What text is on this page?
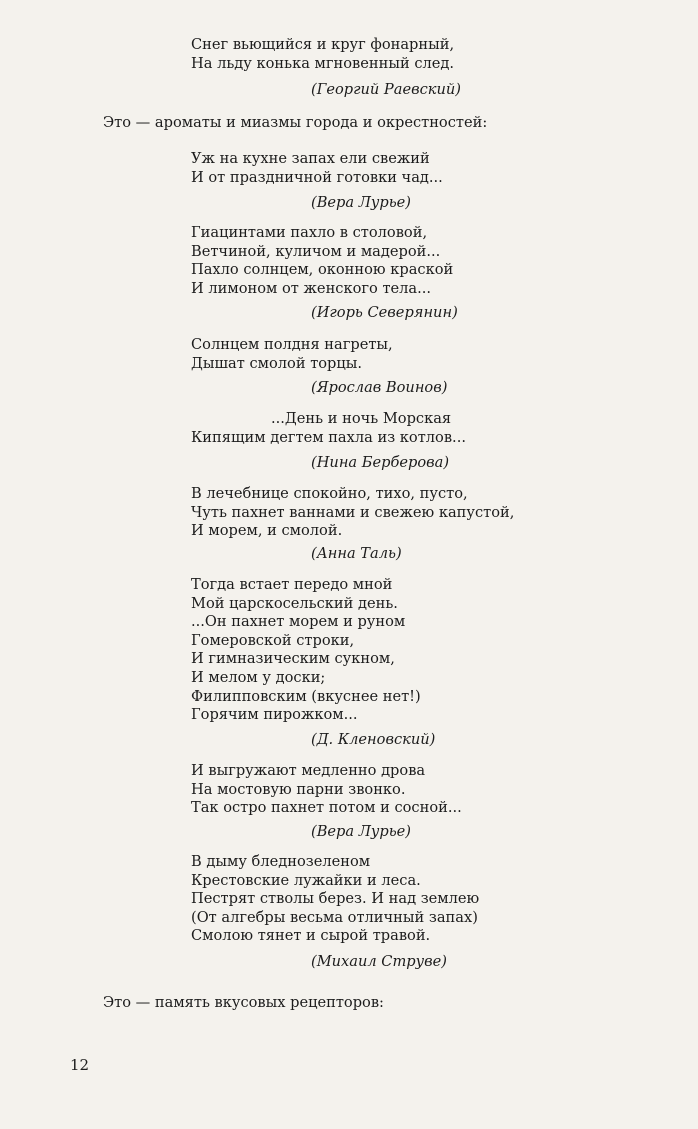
Снег вьющийся и круг фонарный,
На льду конька мгновенный след.
(Георгий Раевский)
Это — ароматы и миазмы города и окрестностей:
Уж на кухне запах ели свежий
И от праздничной готовки чад...
(Вера Лурье)
Гиацинтами пахло в столовой,
Ветчиной, куличом и мадерой...
Пахло солнцем, оконною краской
И лимоном от женского тела...
(Игорь Северянин)
Солнцем полдня нагреты,
Дышат смолой торцы.
(Ярослав Воинов)
...День и ночь Морская
Кипящим дегтем пахла из котлов...
(Нина Берберова)
В лечебнице спокойно, тихо, пусто,
Чуть пахнет ваннами и свежею капустой,
И морем, и смолой.
(Анна Таль)
Тогда встает передо мной
Мой царскосельский день.
...Он пахнет морем и руном
Гомеровской строки,
И гимназическим сукном,
И мелом у доски;
Филипповским (вкуснее нет!)
Горячим пирожком...
(Д. Кленовский)
И выгружают медленно дрова
На мостовую парни звонко.
Так остро пахнет потом и сосной...
(Вера Лурье)
В дыму бледнозеленом
Крестовские лужайки и леса.
Пестрят стволы берез. И над землею
(От алгебры весьма отличный запах)
Смолою тянет и сырой травой.
(Михаил Струве)
Это — память вкусовых рецепторов:
12
